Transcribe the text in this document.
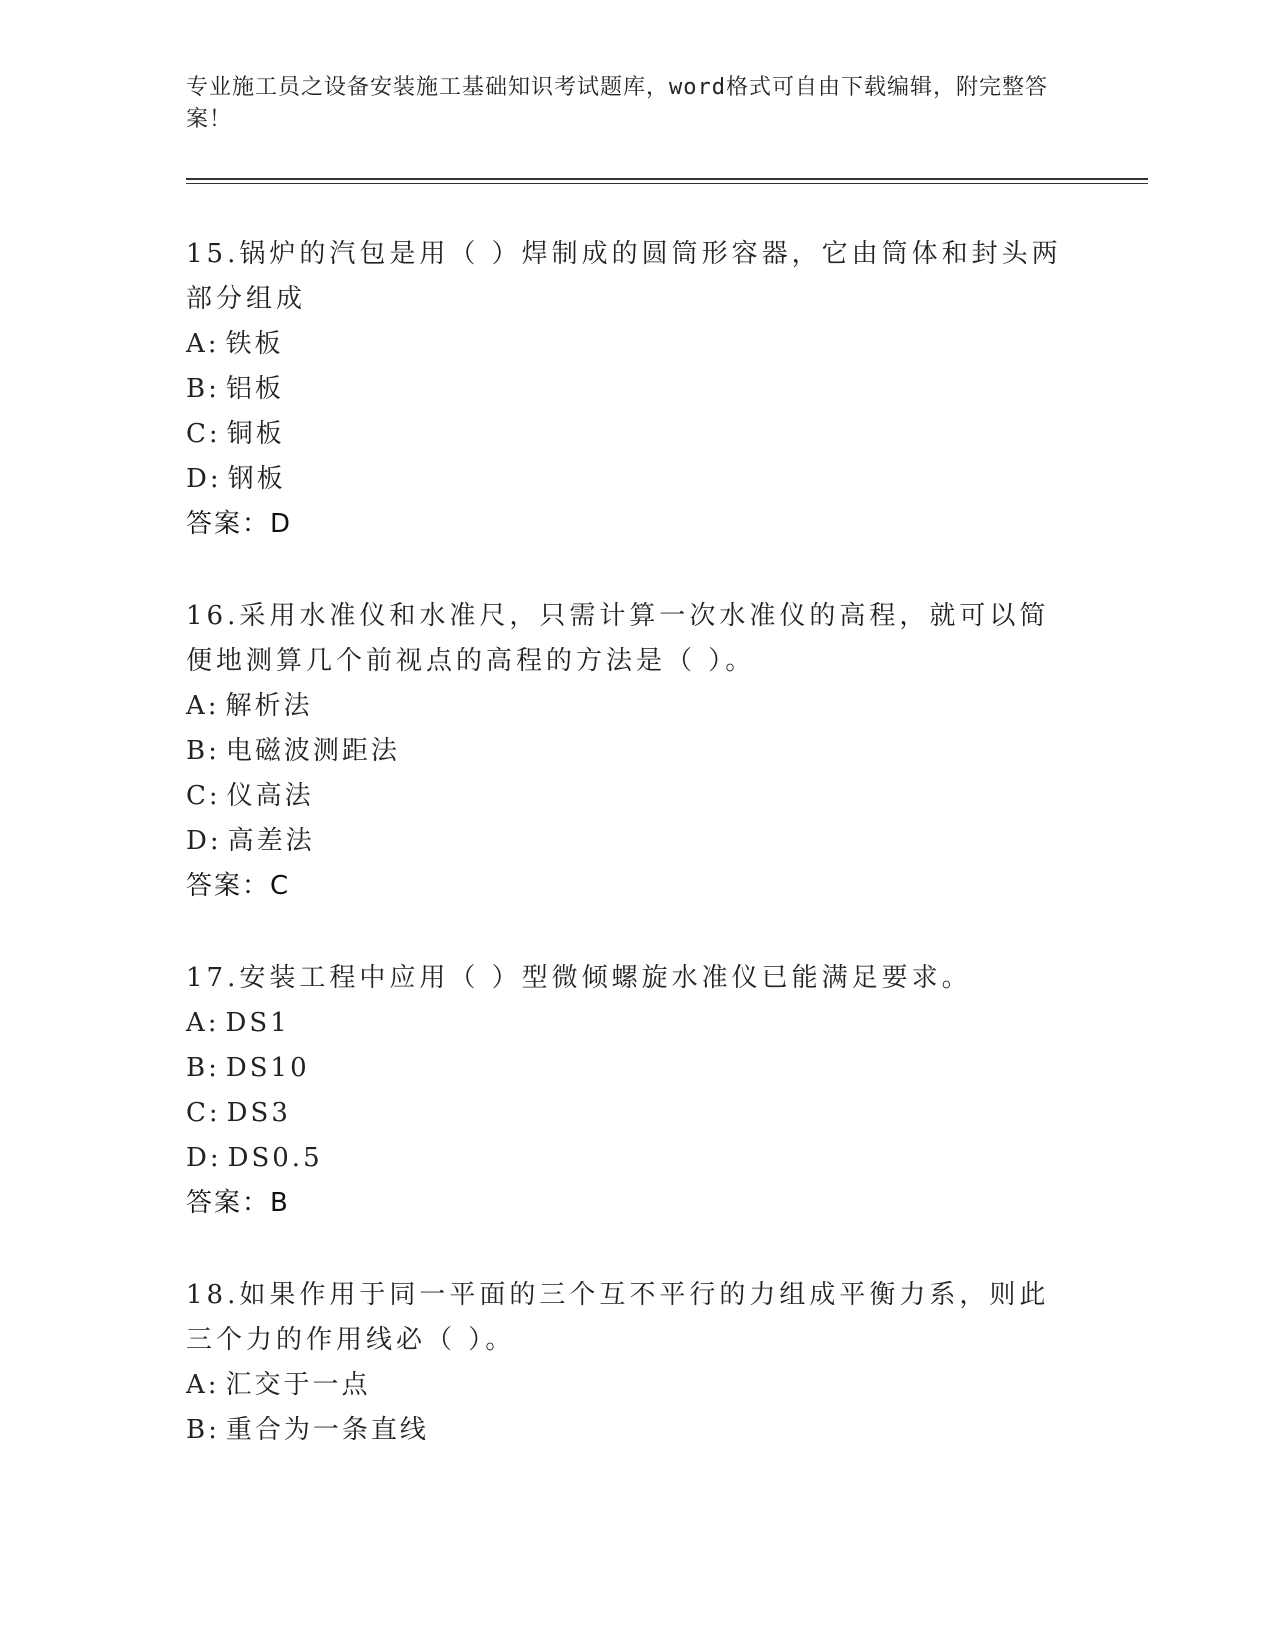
专业施工员之设备安装施工基础知识考试题库，word格式可自由下载编辑，附完整答案！

15.锅炉的汽包是用（ ）焊制成的圆筒形容器，它由筒体和封头两部分组成

A: 铁板

B: 铝板

C: 铜板

D: 钢板

答案：D

16.采用水准仪和水准尺，只需计算一次水准仪的高程，就可以简便地测算几个前视点的高程的方法是（ ）。

A: 解析法

B: 电磁波测距法

C: 仪高法

D: 高差法

答案：C

17.安装工程中应用（ ）型微倾螺旋水准仪已能满足要求。

A: DS1

B: DS10

C: DS3

D: DS0.5

答案：B

18.如果作用于同一平面的三个互不平行的力组成平衡力系，则此三个力的作用线必（ ）。

A: 汇交于一点

B: 重合为一条直线
